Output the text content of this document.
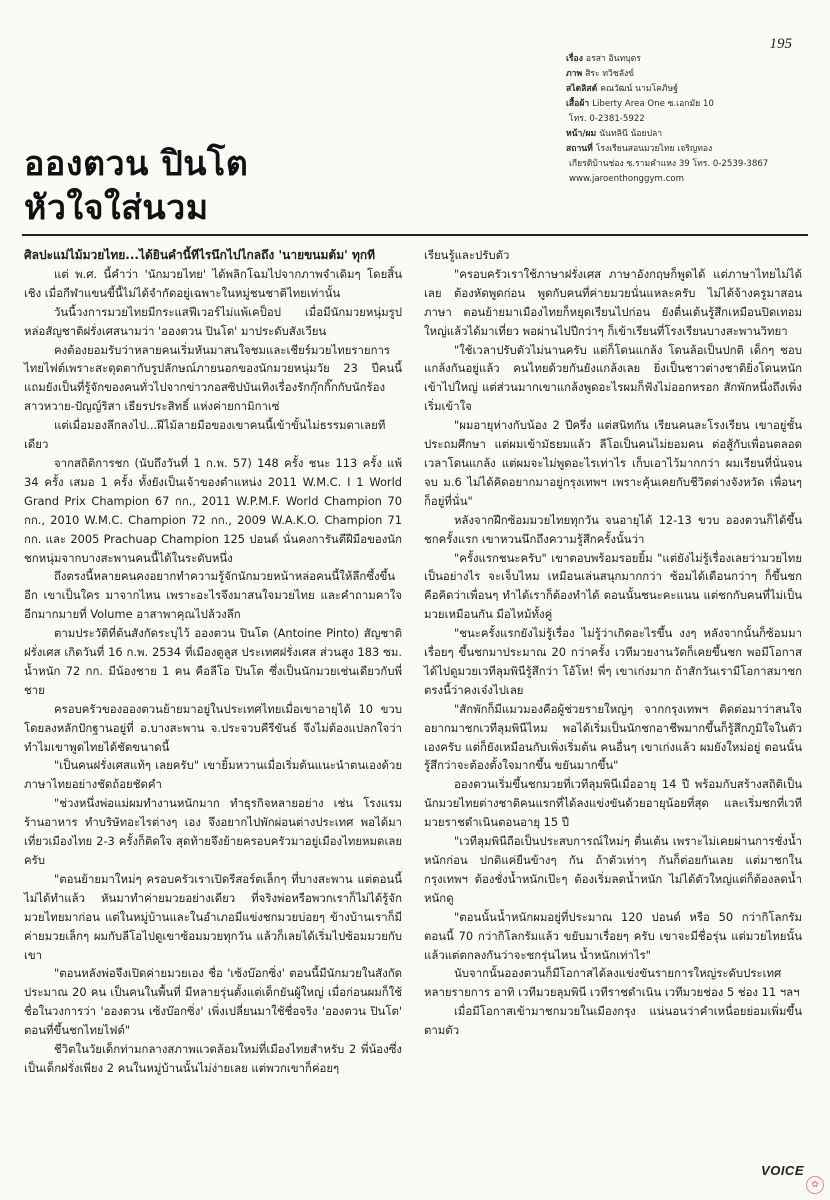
195
เรื่อง อรสา อินทบุตร
ภาพ สิระ ทวิชลังข์
สไตลิสต์ คณวัฒน์ นามโคภิษฐ์
เสื้อผ้า Liberty Area One ซ.เอกมัย 10
โทร. 0-2381-5922
หน้า/ผม นันทลินี น้อยปลา
สถานที่ โรงเรียนสอนมวยไทย เจริญทอง
เกียรติบ้านช่อง ซ.รามคำแหง 39 โทร. 0-2539-3867
www.jaroenthonggym.com
อองตวน ปินโต
หัวใจใส่นวม

ศิลปะแม่ไม้มวยไทย...ได้ยินคำนี้ทีไรนึกไปไกลถึง 'นายขนมต้ม' ทุกที

แต่ พ.ศ. นี้คำว่า 'นักมวยไทย' ได้พลิกโฉมไปจากภาพจำเดิมๆ โดยสิ้นเชิง เมื่อกีฬาแขนขี้นี้ไม่ได้จำกัดอยู่เฉพาะในหมู่ชนชาติไทยเท่านั้น

วันนี้วงการมวยไทยมีกระแสฟีเวอร์ไม่แพ้เคป็อป เมื่อมีนักมวยหนุ่มรูปหล่อสัญชาติฝรั่งเศสนามว่า 'อองตวน ปินโต' มาประดับสังเวียน

คงต้องยอมรับว่าหลายคนเริ่มหันมาสนใจชมและเชียร์มวยไทยรายการไทยไฟต์เพราะสะดุดตากับรูปลักษณ์ภายนอกของนักมวยหนุ่มวัย 23 ปีคนนี้ แถมยังเป็นที่รู้จักของคนทั่วไปจากข่าวกอสซิปบันเทิงเรื่องรักกุ๊กกิ๊กกับนักร้องสาวหวาย-ปัญญ์ริสา เธียรประสิทธิ์ แห่งค่ายกามิกาเซ่

แต่เมื่อมองลึกลงไป...ฝีไม้ลายมือของเขาคนนี้เข้าขั้นไม่ธรรมดาเลยทีเดียว

จากสถิติการชก (นับถึงวันที่ 1 ก.พ. 57) 148 ครั้ง ชนะ 113 ครั้ง แพ้ 34 ครั้ง เสมอ 1 ครั้ง ทั้งยังเป็นเจ้าของตำแหน่ง 2011 W.M.C. I 1 World Grand Prix Champion 67 กก., 2011 W.P.M.F. World Champion 70 กก., 2010 W.M.C. Champion 72 กก., 2009 W.A.K.O. Champion 71 กก. และ 2005 Prachuap Champion 125 ปอนด์ นั่นคงการันตีฝีมือของนักชกหนุ่มจากบางสะพานคนนี้ได้ในระดับหนึ่ง

ถึงตรงนี้หลายคนคงอยากทำความรู้จักนักมวยหน้าหล่อคนนี้ให้ลึกซึ้งขึ้นอีก เขาเป็นใคร มาจากไหน เพราะอะไรจึงมาสนใจมวยไทย และคำถามคาใจอีกมากมายที่ Volume อาสาพาคุณไปล้วงลึก

ตามประวัติที่ต้นสังกัดระบุไว้ อองตวน ปินโต (Antoine Pinto) สัญชาติฝรั่งเศส เกิดวันที่ 16 ก.พ. 2534 ที่เมืองตูลูส ประเทศฝรั่งเศส ส่วนสูง 183 ซม. น้ำหนัก 72 กก. มีน้องชาย 1 คน คือลีโอ ปินโต ซึ่งเป็นนักมวยเช่นเดียวกับพี่ชาย

ครอบครัวของอองตวนย้ายมาอยู่ในประเทศไทยเมื่อเขาอายุได้ 10 ขวบ โดยลงหลักปักฐานอยู่ที่ อ.บางสะพาน จ.ประจวบคีรีขันธ์ จึงไม่ต้องแปลกใจว่าทำไมเขาพูดไทยได้ชัดขนาดนี้

"เป็นคนฝรั่งเศสแท้ๆ เลยครับ" เขายิ้มหวานเมื่อเริ่มต้นแนะนำตนเองด้วยภาษาไทยอย่างชัดถ้อยชัดคำ

"ช่วงหนึ่งพ่อแม่ผมทำงานหนักมาก ทำธุรกิจหลายอย่าง เช่น โรงแรม ร้านอาหาร ทำบริษัทอะไรต่างๆ เอง จึงอยากไปพักผ่อนต่างประเทศ พอได้มาเที่ยวเมืองไทย 2-3 ครั้งก็ติดใจ สุดท้ายจึงย้ายครอบครัวมาอยู่เมืองไทยหมดเลยครับ

"ตอนย้ายมาใหม่ๆ ครอบครัวเราเปิดรีสอร์ตเล็กๆ ที่บางสะพาน แต่ตอนนี้ไม่ได้ทำแล้ว หันมาทำค่ายมวยอย่างเดียว ที่จริงพ่อหรือพวกเราก็ไม่ได้รู้จักมวยไทยมาก่อน แต่ในหมู่บ้านและในอำเภอมีแข่งชกมวยบ่อยๆ ข้างบ้านเราก็มีค่ายมวยเล็กๆ ผมกับลีโอไปดูเขาซ้อมมวยทุกวัน แล้วก็เลยได้เริ่มไปซ้อมมวยกับเขา

"ตอนหลังพ่อจึงเปิดค่ายมวยเอง ชื่อ 'เซ้งบ๊อกซิ่ง' ตอนนี้มีนักมวยในสังกัดประมาณ 20 คน เป็นคนในพื้นที่ มีหลายรุ่นตั้งแต่เด็กยันผู้ใหญ่ เมื่อก่อนผมก็ใช้ชื่อในวงการว่า 'อองตวน เซ้งบ๊อกซิ่ง' เพิ่งเปลี่ยนมาใช้ชื่อจริง 'อองตวน ปินโต' ตอนที่ขึ้นชกไทยไฟต์"

ชีวิตในวัยเด็กท่ามกลางสภาพแวดล้อมใหม่ที่เมืองไทยสำหรับ 2 พี่น้องซึ่งเป็นเด็กฝรั่งเพียง 2 คนในหมู่บ้านนั้นไม่ง่ายเลย แต่พวกเขาก็ค่อยๆ

เรียนรู้และปรับตัว

"ครอบครัวเราใช้ภาษาฝรั่งเศส ภาษาอังกฤษก็พูดได้ แต่ภาษาไทยไม่ได้เลย ต้องหัดพูดก่อน พูดกับคนที่ค่ายมวยนั่นแหละครับ ไม่ได้จ้างครูมาสอนภาษา ตอนย้ายมาเมืองไทยก็หยุดเรียนไปก่อน ยังตื่นเต้นรู้สึกเหมือนปิดเทอมใหญ่แล้วได้มาเที่ยว พอผ่านไปปีกว่าๆ ก็เข้าเรียนที่โรงเรียนบางสะพานวิทยา

"ใช้เวลาปรับตัวไม่นานครับ แต่ก็โดนแกล้ง โดนล้อเป็นปกติ เด็กๆ ชอบแกล้งกันอยู่แล้ว คนไทยด้วยกันยังแกล้งเลย ยิ่งเป็นชาวต่างชาติยิ่งโดนหนักเข้าไปใหญ่ แต่ส่วนมากเขาแกล้งพูดอะไรผมก็ฟังไม่ออกหรอก สักพักหนึ่งถึงเพิ่งเริ่มเข้าใจ

"ผมอายุห่างกับน้อง 2 ปีครึ่ง แต่สนิทกัน เรียนคนละโรงเรียน เขาอยู่ชั้นประถมศึกษา แต่ผมเข้ามัธยมแล้ว ลีโอเป็นคนไม่ยอมคน ต่อสู้กับเพื่อนตลอดเวลาโดนแกล้ง แต่ผมจะไม่พูดอะไรเท่าไร เก็บเอาไว้มากกว่า ผมเรียนที่นั่นจนจบ ม.6 ไม่ได้คิดอยากมาอยู่กรุงเทพฯ เพราะคุ้นเคยกับชีวิตต่างจังหวัด เพื่อนๆ ก็อยู่ที่นั่น"

หลังจากฝึกซ้อมมวยไทยทุกวัน จนอายุได้ 12-13 ขวบ อองตวนก็ได้ขึ้นชกครั้งแรก เขาหวนนึกถึงความรู้สึกครั้งนั้นว่า

"ครั้งแรกชนะครับ" เขาตอบพร้อมรอยยิ้ม "แต่ยังไม่รู้เรื่องเลยว่ามวยไทยเป็นอย่างไร จะเจ็บไหม เหมือนเล่นสนุกมากกว่า ซ้อมได้เดือนกว่าๆ ก็ขึ้นชก คือคิดว่าเพื่อนๆ ทำได้เราก็ต้องทำได้ ตอนนั้นชนะคะแนน แต่ชกกับคนที่ไม่เป็นมวยเหมือนกัน มือไหม้ทั้งคู่

"ชนะครั้งแรกยังไม่รู้เรื่อง ไม่รู้ว่าเกิดอะไรขึ้น งงๆ หลังจากนั้นก็ซ้อมมาเรื่อยๆ ขึ้นชกมาประมาณ 20 กว่าครั้ง เวทีมวยงานวัดก็เคยขึ้นชก พอมีโอกาสได้ไปดูมวยเวทีลุมพินีรู้สึกว่า โอ้โห! พี่ๆ เขาเก่งมาก ถ้าสักวันเรามีโอกาสมาชกตรงนี้ว่าคงเจ๋งไปเลย

"สักพักก็มีแมวมองคือผู้ช่วยรายใหญ่ๆ จากกรุงเทพฯ ติดต่อมาว่าสนใจอยากมาชกเวทีลุมพินีไหม พอได้เริ่มเป็นนักชกอาชีพมากขึ้นก็รู้สึกภูมิใจในตัวเองครับ แต่ก็ยังเหมือนกับเพิ่งเริ่มต้น คนอื่นๆ เขาเก่งแล้ว ผมยังใหม่อยู่ ตอนนั้นรู้สึกว่าจะต้องตั้งใจมากขึ้น ขยันมากขึ้น"

อองตวนเริ่มขึ้นชกมวยที่เวทีลุมพินีเมื่ออายุ 14 ปี พร้อมกับสร้างสถิติเป็นนักมวยไทยต่างชาติคนแรกที่ได้ลงแข่งขันด้วยอายุน้อยที่สุด และเริ่มชกที่เวทีมวยราชดำเนินตอนอายุ 15 ปี

"เวทีลุมพินีถือเป็นประสบการณ์ใหม่ๆ ตื่นเต้น เพราะไม่เคยผ่านการชั่งน้ำหนักก่อน ปกติแค่ยืนข้างๆ กัน ถ้าตัวเท่าๆ กันก็ต่อยกันเลย แต่มาชกในกรุงเทพฯ ต้องชั่งน้ำหนักเป๊ะๆ ต้องเริ่มลดน้ำหนัก ไม่ได้ตัวใหญ่แต่ก็ต้องลดน้ำหนักดู

"ตอนนั้นน้ำหนักผมอยู่ที่ประมาณ 120 ปอนด์ หรือ 50 กว่ากิโลกรัม ตอนนี้ 70 กว่ากิโลกรัมแล้ว ขยับมาเรื่อยๆ ครับ เขาจะมีชื่อรุ่น แต่มวยไทยนั้นแล้วแต่ตกลงกันว่าจะชกรุ่นไหน น้ำหนักเท่าไร"

นับจากนั้นอองตวนก็มีโอกาสได้ลงแข่งขันรายการใหญ่ระดับประเทศหลายรายการ อาทิ เวทีมวยลุมพินี เวทีราชดำเนิน เวทีมวยช่อง 5 ช่อง 11 ฯลฯ

เมื่อมีโอกาสเข้ามาชกมวยในเมืองกรุง แน่นอนว่าคำเหนื่อยย่อมเพิ่มขึ้นตามตัว

VOICE
✿
